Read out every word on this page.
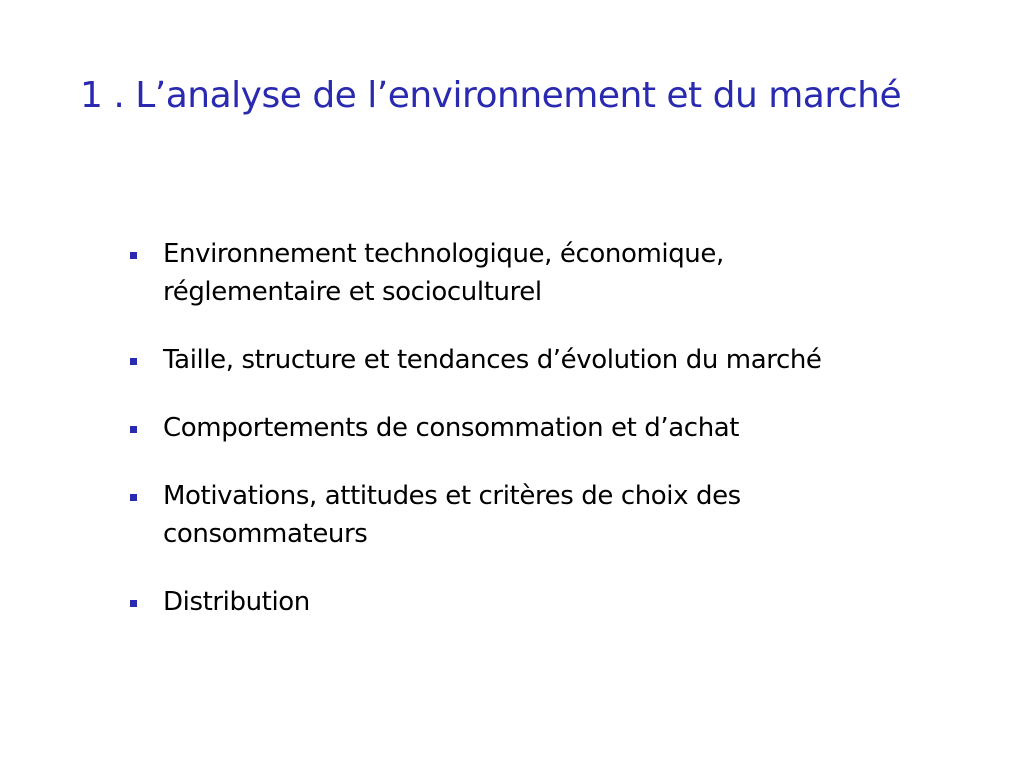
1 . L’analyse de l’environnement et du marché
Environnement technologique, économique, réglementaire et socioculturel
Taille, structure et tendances d’évolution du marché
Comportements de consommation et d’achat
Motivations, attitudes et critères de choix des consommateurs
Distribution
